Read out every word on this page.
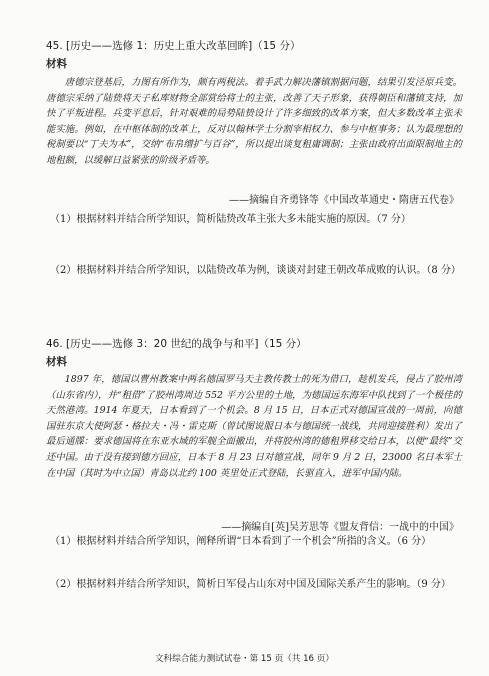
45. [历史——选修 1：历史上重大改革回眸]（15 分）
材料

唐德宗登基后，力图有所作为，颇有两税法。着手武力解决藩镇割据问题，结果引发泾原兵变。唐德宗采纳了陆贽将天子私库财物全部赏给将士的主张，改善了天子形象，获得朝臣和藩镇支持，加快了平叛进程。兵变平息后，针对艰难的局势陆贽设计了许多细致的改革方案，但大多数改革主张未能实施。例如，在中枢体制的改革上，反对以翰林学士分割宰相权力、参与中枢事务；认为最理想的税制要以“丁夫为本”，交纳“布帛缯扩与百谷”，所以提出谈复租庸调制；主张由政府出面限制地主的地租额，以缓解日益紧张的阶级矛盾等。

——摘编自齐勇锋等《中国改革通史・隋唐五代卷》
（1）根据材料并结合所学知识，简析陆贽改革主张大多未能实施的原因。（7 分）
（2）根据材料并结合所学知识，以陆贽改革为例，谈谈对封建王朝改革成败的认识。（8 分）
46. [历史——选修 3：20 世纪的战争与和平]（15 分）
材料

1897 年，德国以曹州教案中两名德国罗马天主教传教士的死为借口，趁机发兵，侵占了胶州湾（山东省内），并“租借”了胶州湾周边 552 平方公里的土地，为德国远东海军中队找到了一个极佳的天然港湾。1914 年夏天，日本看到了一个机会。8 月 15 日，日本正式对德国宣战的一周前，向德国驻东京大使阿瑟・格拉夫・冯・雷克斯（曾试图说服日本与德国统一战线，共同迎接胜利）发出了最后通牒：要求德国将在东亚水域的军舰全面撤出，并将胶州湾的德租界移交给日本，以便“最终”交还中国。由于没有接到德方回应，日本于 8 月 23 日对德宣战，同年 9 月 2 日，23000 名日本军士在中国（其时为中立国）青岛以北约 100 英里处正式登陆，长驱直入，进军中国内陆。

——摘编自[英]吴芳思等《盟友背信：一战中的中国》
（1）根据材料并结合所学知识，阐释所谓“日本看到了一个机会”所指的含义。（6 分）
（2）根据材料并结合所学知识，简析日军侵占山东对中国及国际关系产生的影响。（9 分）
文科综合能力测试试卷・第 15 页（共 16 页）
